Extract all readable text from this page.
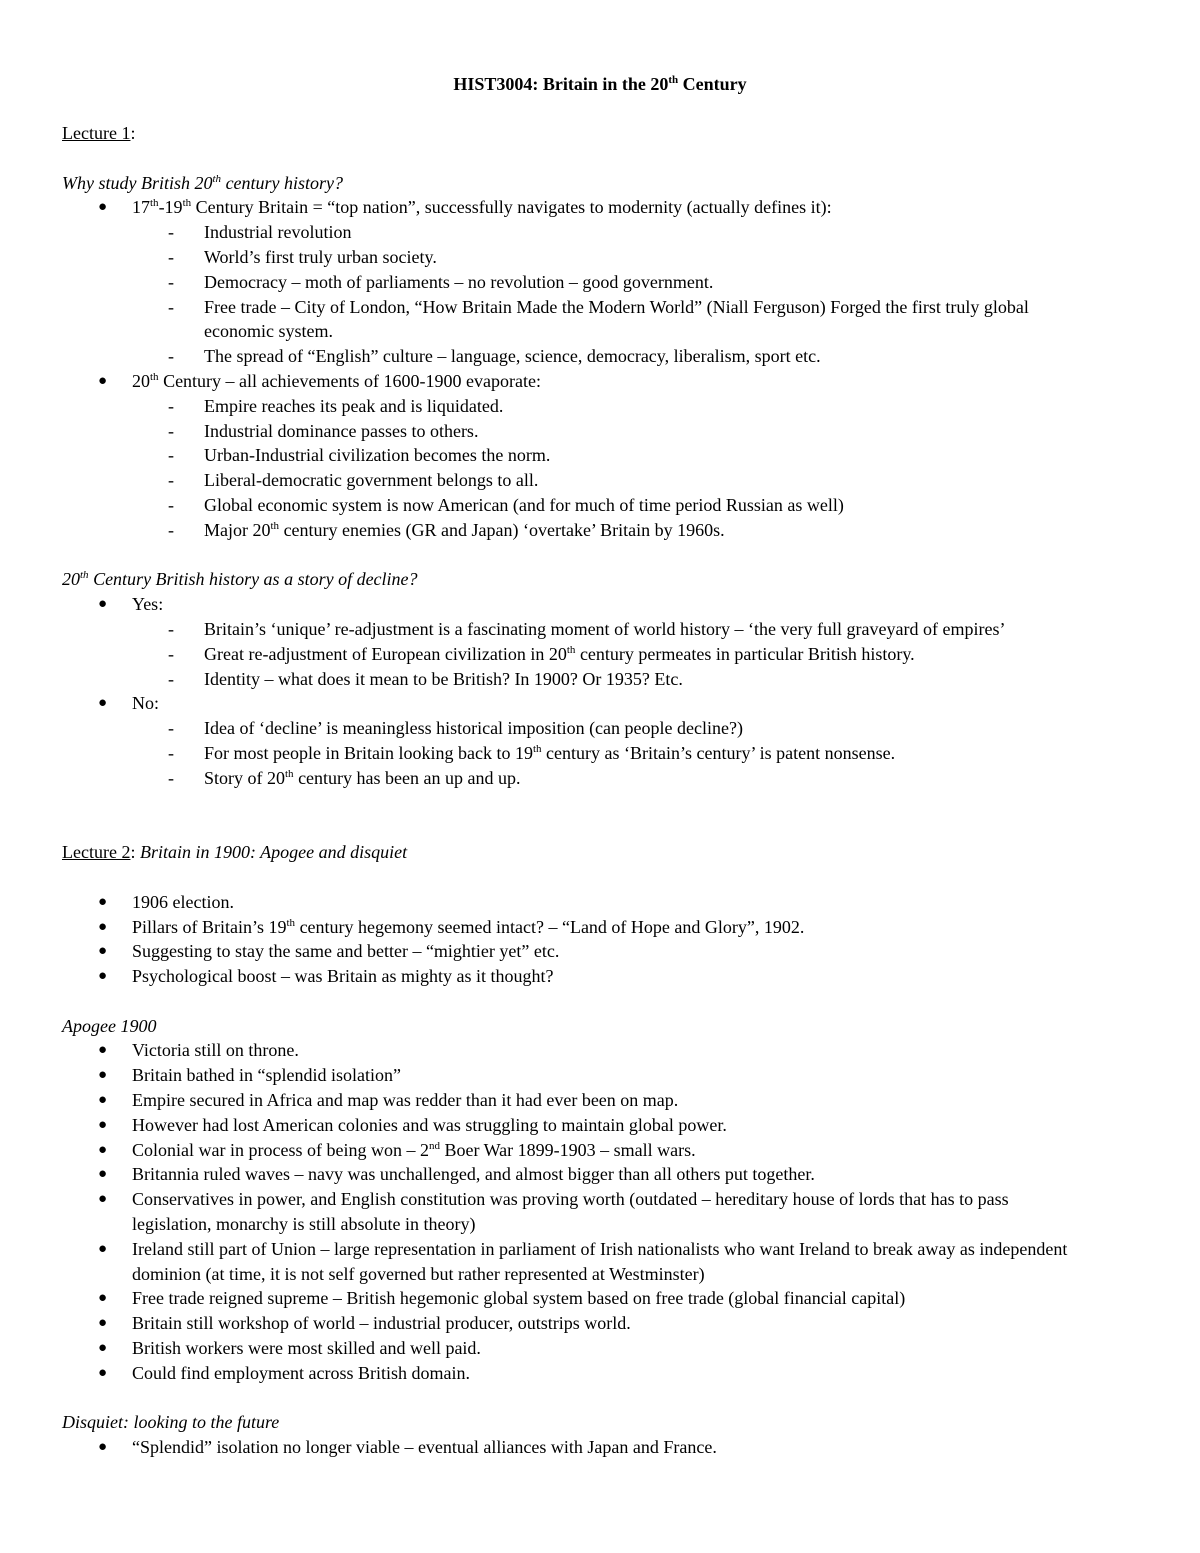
HIST3004: Britain in the 20th Century
Lecture 1:
Why study British 20th century history?
● 17th-19th Century Britain = “top nation”, successfully navigates to modernity (actually defines it):
- Industrial revolution
- World’s first truly urban society.
- Democracy – moth of parliaments – no revolution – good government.
- Free trade – City of London, “How Britain Made the Modern World” (Niall Ferguson) Forged the first truly global economic system.
- The spread of “English” culture – language, science, democracy, liberalism, sport etc.
● 20th Century – all achievements of 1600-1900 evaporate:
- Empire reaches its peak and is liquidated.
- Industrial dominance passes to others.
- Urban-Industrial civilization becomes the norm.
- Liberal-democratic government belongs to all.
- Global economic system is now American (and for much of time period Russian as well)
- Major 20th century enemies (GR and Japan) ‘overtake’ Britain by 1960s.
20th Century British history as a story of decline?
● Yes:
- Britain’s ‘unique’ re-adjustment is a fascinating moment of world history – ‘the very full graveyard of empires’
- Great re-adjustment of European civilization in 20th century permeates in particular British history.
- Identity – what does it mean to be British? In 1900? Or 1935? Etc.
● No:
- Idea of ‘decline’ is meaningless historical imposition (can people decline?)
- For most people in Britain looking back to 19th century as ‘Britain’s century’ is patent nonsense.
- Story of 20th century has been an up and up.
Lecture 2: Britain in 1900: Apogee and disquiet
● 1906 election.
● Pillars of Britain’s 19th century hegemony seemed intact? – “Land of Hope and Glory”, 1902.
● Suggesting to stay the same and better – “mightier yet” etc.
● Psychological boost – was Britain as mighty as it thought?
Apogee 1900
● Victoria still on throne.
● Britain bathed in “splendid isolation”
● Empire secured in Africa and map was redder than it had ever been on map.
● However had lost American colonies and was struggling to maintain global power.
● Colonial war in process of being won – 2nd Boer War 1899-1903 – small wars.
● Britannia ruled waves – navy was unchallenged, and almost bigger than all others put together.
● Conservatives in power, and English constitution was proving worth (outdated – hereditary house of lords that has to pass legislation, monarchy is still absolute in theory)
● Ireland still part of Union – large representation in parliament of Irish nationalists who want Ireland to break away as independent dominion (at time, it is not self governed but rather represented at Westminster)
● Free trade reigned supreme – British hegemonic global system based on free trade (global financial capital)
● Britain still workshop of world – industrial producer, outstrips world.
● British workers were most skilled and well paid.
● Could find employment across British domain.
Disquiet: looking to the future
● “Splendid” isolation no longer viable – eventual alliances with Japan and France.
